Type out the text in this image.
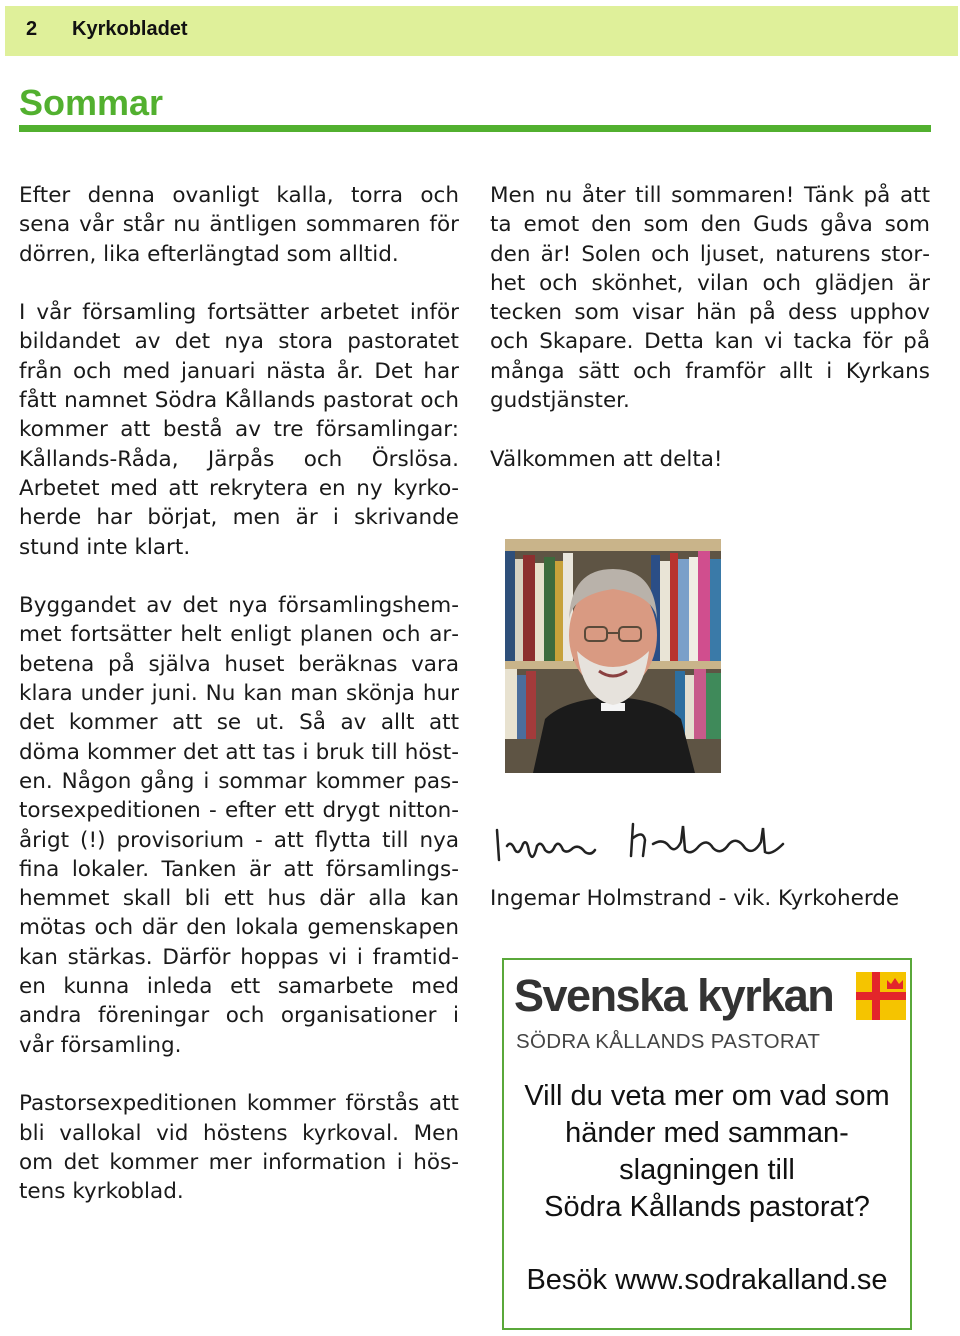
2 Kyrkobladet
Sommar

Efter denna ovanligt kalla, torra och sena vår står nu äntligen sommaren för dörren, lika efterlängtad som alltid.

I vår församling fortsätter arbetet inför bildandet av det nya stora pastoratet från och med januari nästa år. Det har fått namnet Södra Kållands pastorat och kommer att bestå av tre församlingar: Kållands-Råda, Järpås och Örslösa. Arbetet med att rekrytera en ny kyrkoherde har börjat, men är i skrivande stund inte klart.

Byggandet av det nya församlingshemmet fortsätter helt enligt planen och arbetena på själva huset beräknas vara klara under juni. Nu kan man skönja hur det kommer att se ut. Så av allt att döma kommer det att tas i bruk till hösten. Någon gång i sommar kommer pastorsexpeditionen - efter ett drygt nittonårigt (!) provisorium - att flytta till nya fina lokaler. Tanken är att församlingshemmet skall bli ett hus där alla kan mötas och där den lokala gemenskapen kan stärkas. Därför hoppas vi i framtiden kunna inleda ett samarbete med andra föreningar och organisationer i vår församling.

Pastorsexpeditionen kommer förstås att bli vallokal vid höstens kyrkoval. Men om det kommer mer information i höstens kyrkoblad.

Men nu åter till sommaren! Tänk på att ta emot den som den Guds gåva som den är! Solen och ljuset, naturens storhet och skönhet, vilan och glädjen är tecken som visar hän på dess upphov och Skapare. Detta kan vi tacka för på många sätt och framför allt i Kyrkans gudstjänster.

Välkommen att delta!

Ingemar Holmstrand - vik. Kyrkoherde
Svenska kyrkan
SÖDRA KÅLLANDS PASTORAT
Vill du veta mer om vad som
händer med samman-
slagningen till
Södra Kållands pastorat?
Besök www.sodrakalland.se
